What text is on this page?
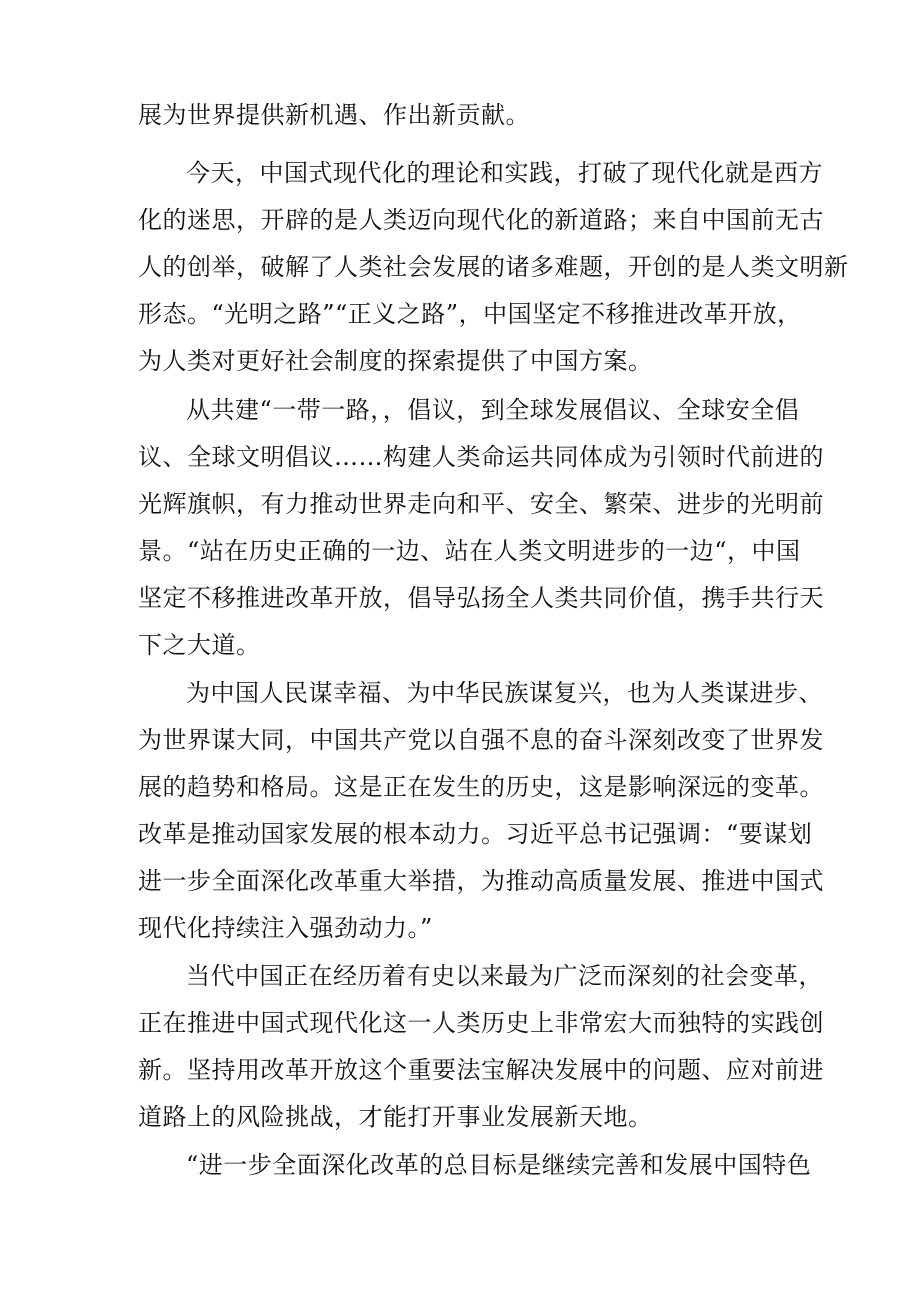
展为世界提供新机遇、作出新贡献。
今天，中国式现代化的理论和实践，打破了现代化就是西方
化的迷思，开辟的是人类迈向现代化的新道路；来自中国前无古
人的创举，破解了人类社会发展的诸多难题，开创的是人类文明新
形态。“光明之路”“正义之路”，中国坚定不移推进改革开放，
为人类对更好社会制度的探索提供了中国方案。
从共建“一带一路，，倡议，到全球发展倡议、全球安全倡
议、全球文明倡议……构建人类命运共同体成为引领时代前进的
光辉旗帜，有力推动世界走向和平、安全、繁荣、进步的光明前
景。“站在历史正确的一边、站在人类文明进步的一边“，中国
坚定不移推进改革开放，倡导弘扬全人类共同价值，携手共行天
下之大道。
为中国人民谋幸福、为中华民族谋复兴，也为人类谋进步、
为世界谋大同，中国共产党以自强不息的奋斗深刻改变了世界发
展的趋势和格局。这是正在发生的历史，这是影响深远的变革。
改革是推动国家发展的根本动力。习近平总书记强调：“要谋划
进一步全面深化改革重大举措，为推动高质量发展、推进中国式
现代化持续注入强劲动力。”
当代中国正在经历着有史以来最为广泛而深刻的社会变革，
正在推进中国式现代化这一人类历史上非常宏大而独特的实践创
新。坚持用改革开放这个重要法宝解决发展中的问题、应对前进
道路上的风险挑战，才能打开事业发展新天地。
“进一步全面深化改革的总目标是继续完善和发展中国特色
